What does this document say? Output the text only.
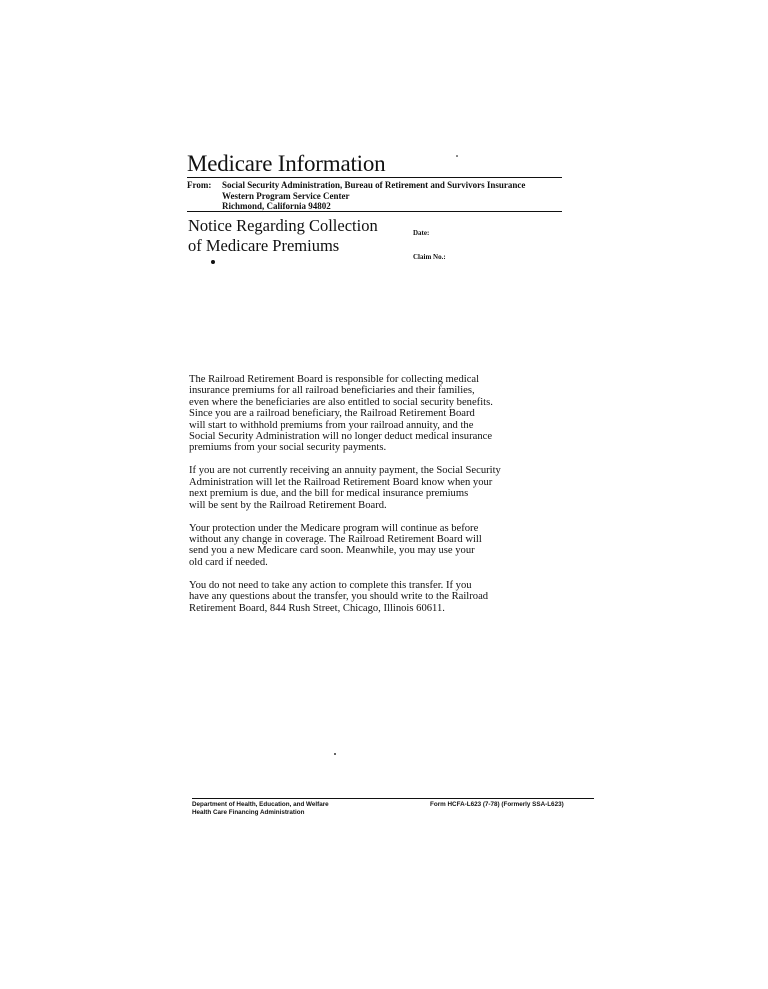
Medicare Information
From: Social Security Administration, Bureau of Retirement and Survivors Insurance
Western Program Service Center
Richmond, California 94802
Notice Regarding Collection
of Medicare Premiums
Date:
Claim No.:

The Railroad Retirement Board is responsible for collecting medical
insurance premiums for all railroad beneficiaries and their families,
even where the beneficiaries are also entitled to social security benefits.
Since you are a railroad beneficiary, the Railroad Retirement Board
will start to withhold premiums from your railroad annuity, and the
Social Security Administration will no longer deduct medical insurance
premiums from your social security payments.

If you are not currently receiving an annuity payment, the Social Security
Administration will let the Railroad Retirement Board know when your
next premium is due, and the bill for medical insurance premiums
will be sent by the Railroad Retirement Board.

Your protection under the Medicare program will continue as before
without any change in coverage. The Railroad Retirement Board will
send you a new Medicare card soon. Meanwhile, you may use your
old card if needed.

You do not need to take any action to complete this transfer. If you
have any questions about the transfer, you should write to the Railroad
Retirement Board, 844 Rush Street, Chicago, Illinois 60611.

Department of Health, Education, and Welfare
Health Care Financing Administration
Form HCFA-L623 (7-78) (Formerly SSA-L623)
